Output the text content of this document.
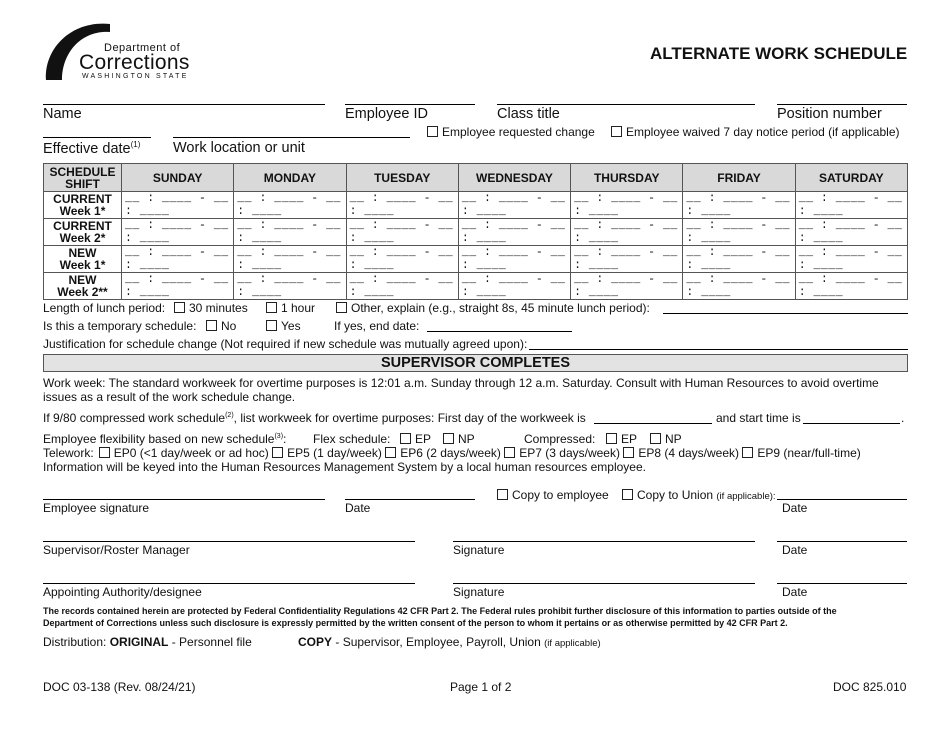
Department of
Corrections
WASHINGTON STATE
ALTERNATE WORK SCHEDULE
Name	Employee ID	Class title	Position number
Employee requested change	Employee waived 7 day notice period (if applicable)
Effective date$^{(1)}$ Work location or unit
SCHEDULE
SHIFT	SUNDAY	MONDAY	TUESDAY	WEDNESDAY	THURSDAY	FRIDAY	SATURDAY
CURRENT
Week 1*	__ : ____ - __ : ____	__ : ____ - __ : ____	__ : ____ - __ : ____	__ : ____ - __ : ____	__ : ____ - __ : ____	__ : ____ - __ : ____	__ : ____ - __ : ____
CURRENT
Week 2*	__ : ____ - __ : ____	__ : ____ - __ : ____	__ : ____ - __ : ____	__ : ____ - __ : ____	__ : ____ - __ : ____	__ : ____ - __ : ____	__ : ____ - __ : ____
NEW
Week 1*	__ : ____ - __ : ____	__ : ____ - __ : ____	__ : ____ - __ : ____	__ : ____ - __ : ____	__ : ____ - __ : ____	__ : ____ - __ : ____	__ : ____ - __ : ____
NEW
Week 2**	__ : ____ - __ : ____	__ : ____ - __ : ____	__ : ____ - __ : ____	__ : ____ - __ : ____	__ : ____ - __ : ____	__ : ____ - __ : ____	__ : ____ - __ : ____
Length of lunch period:	30 minutes	1 hour	Other, explain (e.g., straight 8s, 45 minute lunch period):
Is this a temporary schedule:	No	Yes	If yes, end date:
Justification for schedule change (Not required if new schedule was mutually agreed upon):
SUPERVISOR COMPLETES
Work week: The standard workweek for overtime purposes is 12:01 a.m. Sunday through 12 a.m. Saturday. Consult with Human Resources to avoid overtime
issues as a result of the work schedule change.
If 9/80 compressed work schedule$^{(2)}$, list workweek for overtime purposes: First day of the workweek is	and start time is	.
Employee flexibility based on new schedule$^{(3)}$: Flex schedule:	EP	NP	Compressed:	EP	NP
Telework: EP0 (<1 day/week or ad hoc) EP5 (1 day/week) EP6 (2 days/week) EP7 (3 days/week) EP8 (4 days/week) EP9 (near/full-time)
Information will be keyed into the Human Resources Management System by a local human resources employee.
Copy to employee	Copy to Union (if applicable):
Employee signature	Date	Date
Supervisor/Roster Manager	Signature	Date
Appointing Authority/designee	Signature	Date
The records contained herein are protected by Federal Confidentiality Regulations 42 CFR Part 2. The Federal rules prohibit further disclosure of this information to parties outside of the
Department of Corrections unless such disclosure is expressly permitted by the written consent of the person to whom it pertains or as otherwise permitted by 42 CFR Part 2.
Distribution: ORIGINAL - Personnel file	COPY - Supervisor, Employee, Payroll, Union (if applicable)
DOC 03-138 (Rev. 08/24/21)	Page 1 of 2	DOC 825.010
